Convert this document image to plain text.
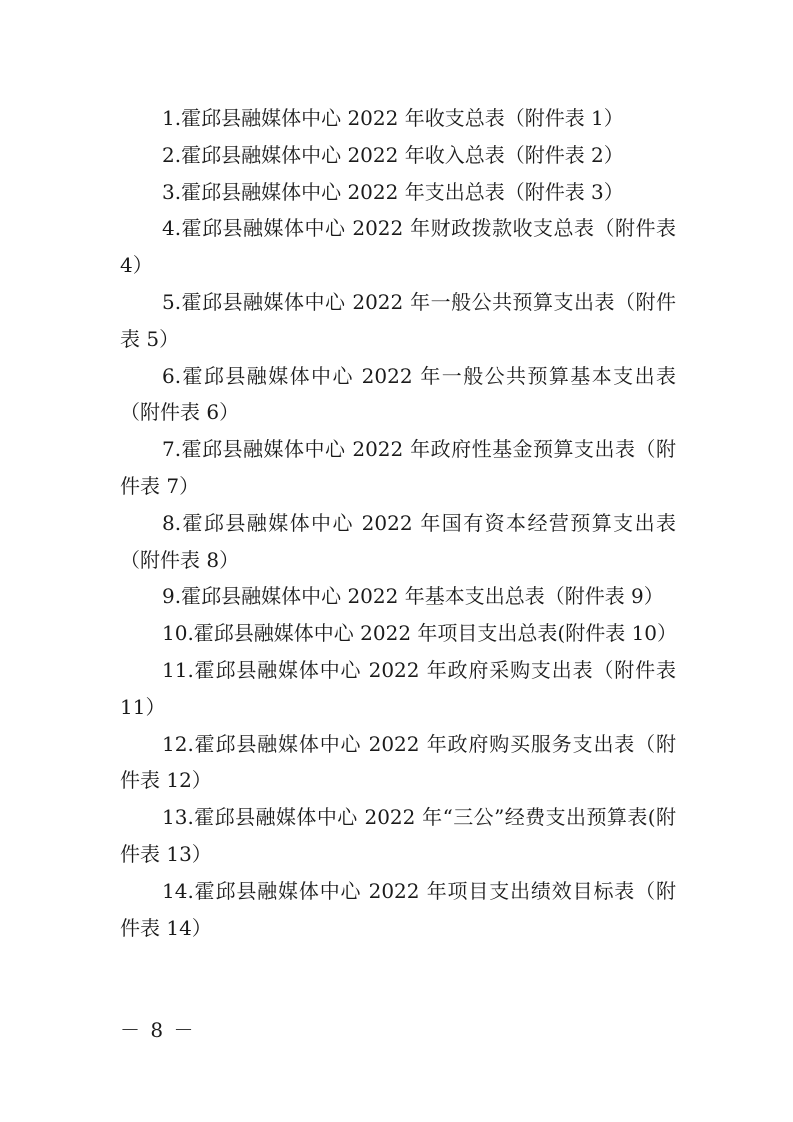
1.霍邱县融媒体中心 2022 年收支总表（附件表 1）

2.霍邱县融媒体中心 2022 年收入总表（附件表 2）

3.霍邱县融媒体中心 2022 年支出总表（附件表 3）

4.霍邱县融媒体中心 2022 年财政拨款收支总表（附件表 4）

5.霍邱县融媒体中心 2022 年一般公共预算支出表（附件表 5）

6.霍邱县融媒体中心 2022 年一般公共预算基本支出表（附件表 6）

7.霍邱县融媒体中心 2022 年政府性基金预算支出表（附件表 7）

8.霍邱县融媒体中心 2022 年国有资本经营预算支出表（附件表 8）

9.霍邱县融媒体中心 2022 年基本支出总表（附件表 9）

10.霍邱县融媒体中心 2022 年项目支出总表(附件表 10）

11.霍邱县融媒体中心 2022 年政府采购支出表（附件表 11）

12.霍邱县融媒体中心 2022 年政府购买服务支出表（附件表 12）

13.霍邱县融媒体中心 2022 年“三公”经费支出预算表(附件表 13）

14.霍邱县融媒体中心 2022 年项目支出绩效目标表（附件表 14）

－ 8 －
